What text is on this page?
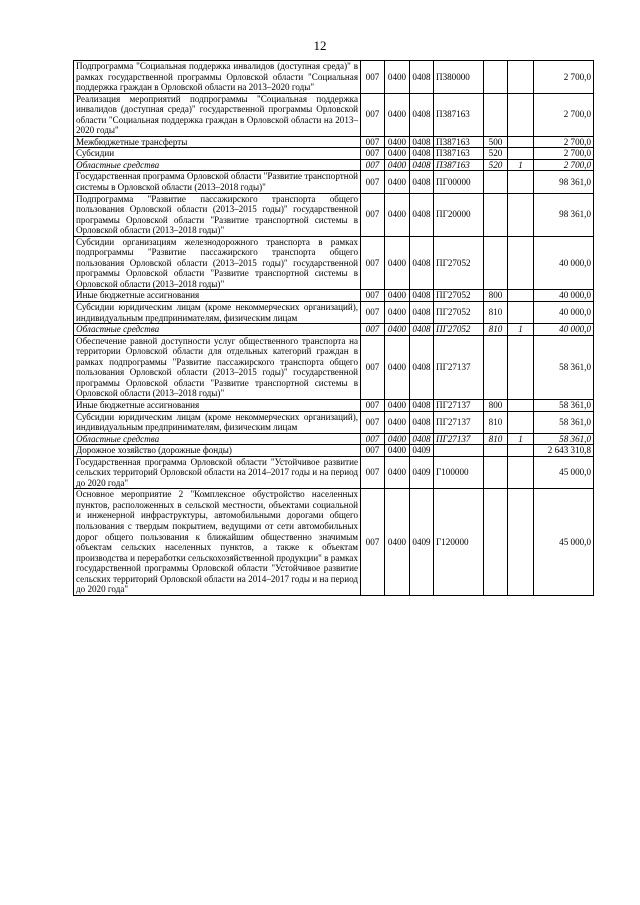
12
Подпрограмма "Социальная поддержка инвалидов (доступная среда)" в рамках государственной программы Орловской области "Социальная поддержка граждан в Орловской области на 2013–2020 годы"	007	0400	0408	П380000			2 700,0
Реализация мероприятий подпрограммы "Социальная поддержка инвалидов (доступная среда)" государственной программы Орловской области "Социальная поддержка граждан в Орловской области на 2013–2020 годы"	007	0400	0408	П387163			2 700,0
Межбюджетные трансферты	007	0400	0408	П387163	500		2 700,0
Субсидии	007	0400	0408	П387163	520		2 700,0
Областные средства	007	0400	0408	П387163	520	1	2 700,0
Государственная программа Орловской области "Развитие транспортной системы в Орловской области (2013–2018 годы)"	007	0400	0408	ПГ00000			98 361,0
Подпрограмма "Развитие пассажирского транспорта общего пользования Орловской области (2013–2015 годы)" государственной программы Орловской области "Развитие транспортной системы в Орловской области (2013–2018 годы)"	007	0400	0408	ПГ20000			98 361,0
Субсидии организациям железнодорожного транспорта в рамках подпрограммы "Развитие пассажирского транспорта общего пользования Орловской области (2013–2015 годы)" государственной программы Орловской области "Развитие транспортной системы в Орловской области (2013–2018 годы)"	007	0400	0408	ПГ27052			40 000,0
Иные бюджетные ассигнования	007	0400	0408	ПГ27052	800		40 000,0
Субсидии юридическим лицам (кроме некоммерческих организаций), индивидуальным предпринимателям, физическим лицам	007	0400	0408	ПГ27052	810		40 000,0
Областные средства	007	0400	0408	ПГ27052	810	1	40 000,0
Обеспечение равной доступности услуг общественного транспорта на территории Орловской области для отдельных категорий граждан в рамках подпрограммы "Развитие пассажирского транспорта общего пользования Орловской области (2013–2015 годы)" государственной программы Орловской области "Развитие транспортной системы в Орловской области (2013–2018 годы)"	007	0400	0408	ПГ27137			58 361,0
Иные бюджетные ассигнования	007	0400	0408	ПГ27137	800		58 361,0
Субсидии юридическим лицам (кроме некоммерческих организаций), индивидуальным предпринимателям, физическим лицам	007	0400	0408	ПГ27137	810		58 361,0
Областные средства	007	0400	0408	ПГ27137	810	1	58 361,0
Дорожное хозяйство (дорожные фонды)	007	0400	0409				2 643 310,8
Государственная программа Орловской области "Устойчивое развитие сельских территорий Орловской области на 2014–2017 годы и на период до 2020 года"	007	0400	0409	Г100000			45 000,0
Основное мероприятие 2 "Комплексное обустройство населенных пунктов, расположенных в сельской местности, объектами социальной и инженерной инфраструктуры, автомобильными дорогами общего пользования с твердым покрытием, ведущими от сети автомобильных дорог общего пользования к ближайшим общественно значимым объектам сельских населенных пунктов, а также к объектам производства и переработки сельскохозяйственной продукции" в рамках государственной программы Орловской области "Устойчивое развитие сельских территорий Орловской области на 2014–2017 годы и на период до 2020 года"	007	0400	0409	Г120000			45 000,0
